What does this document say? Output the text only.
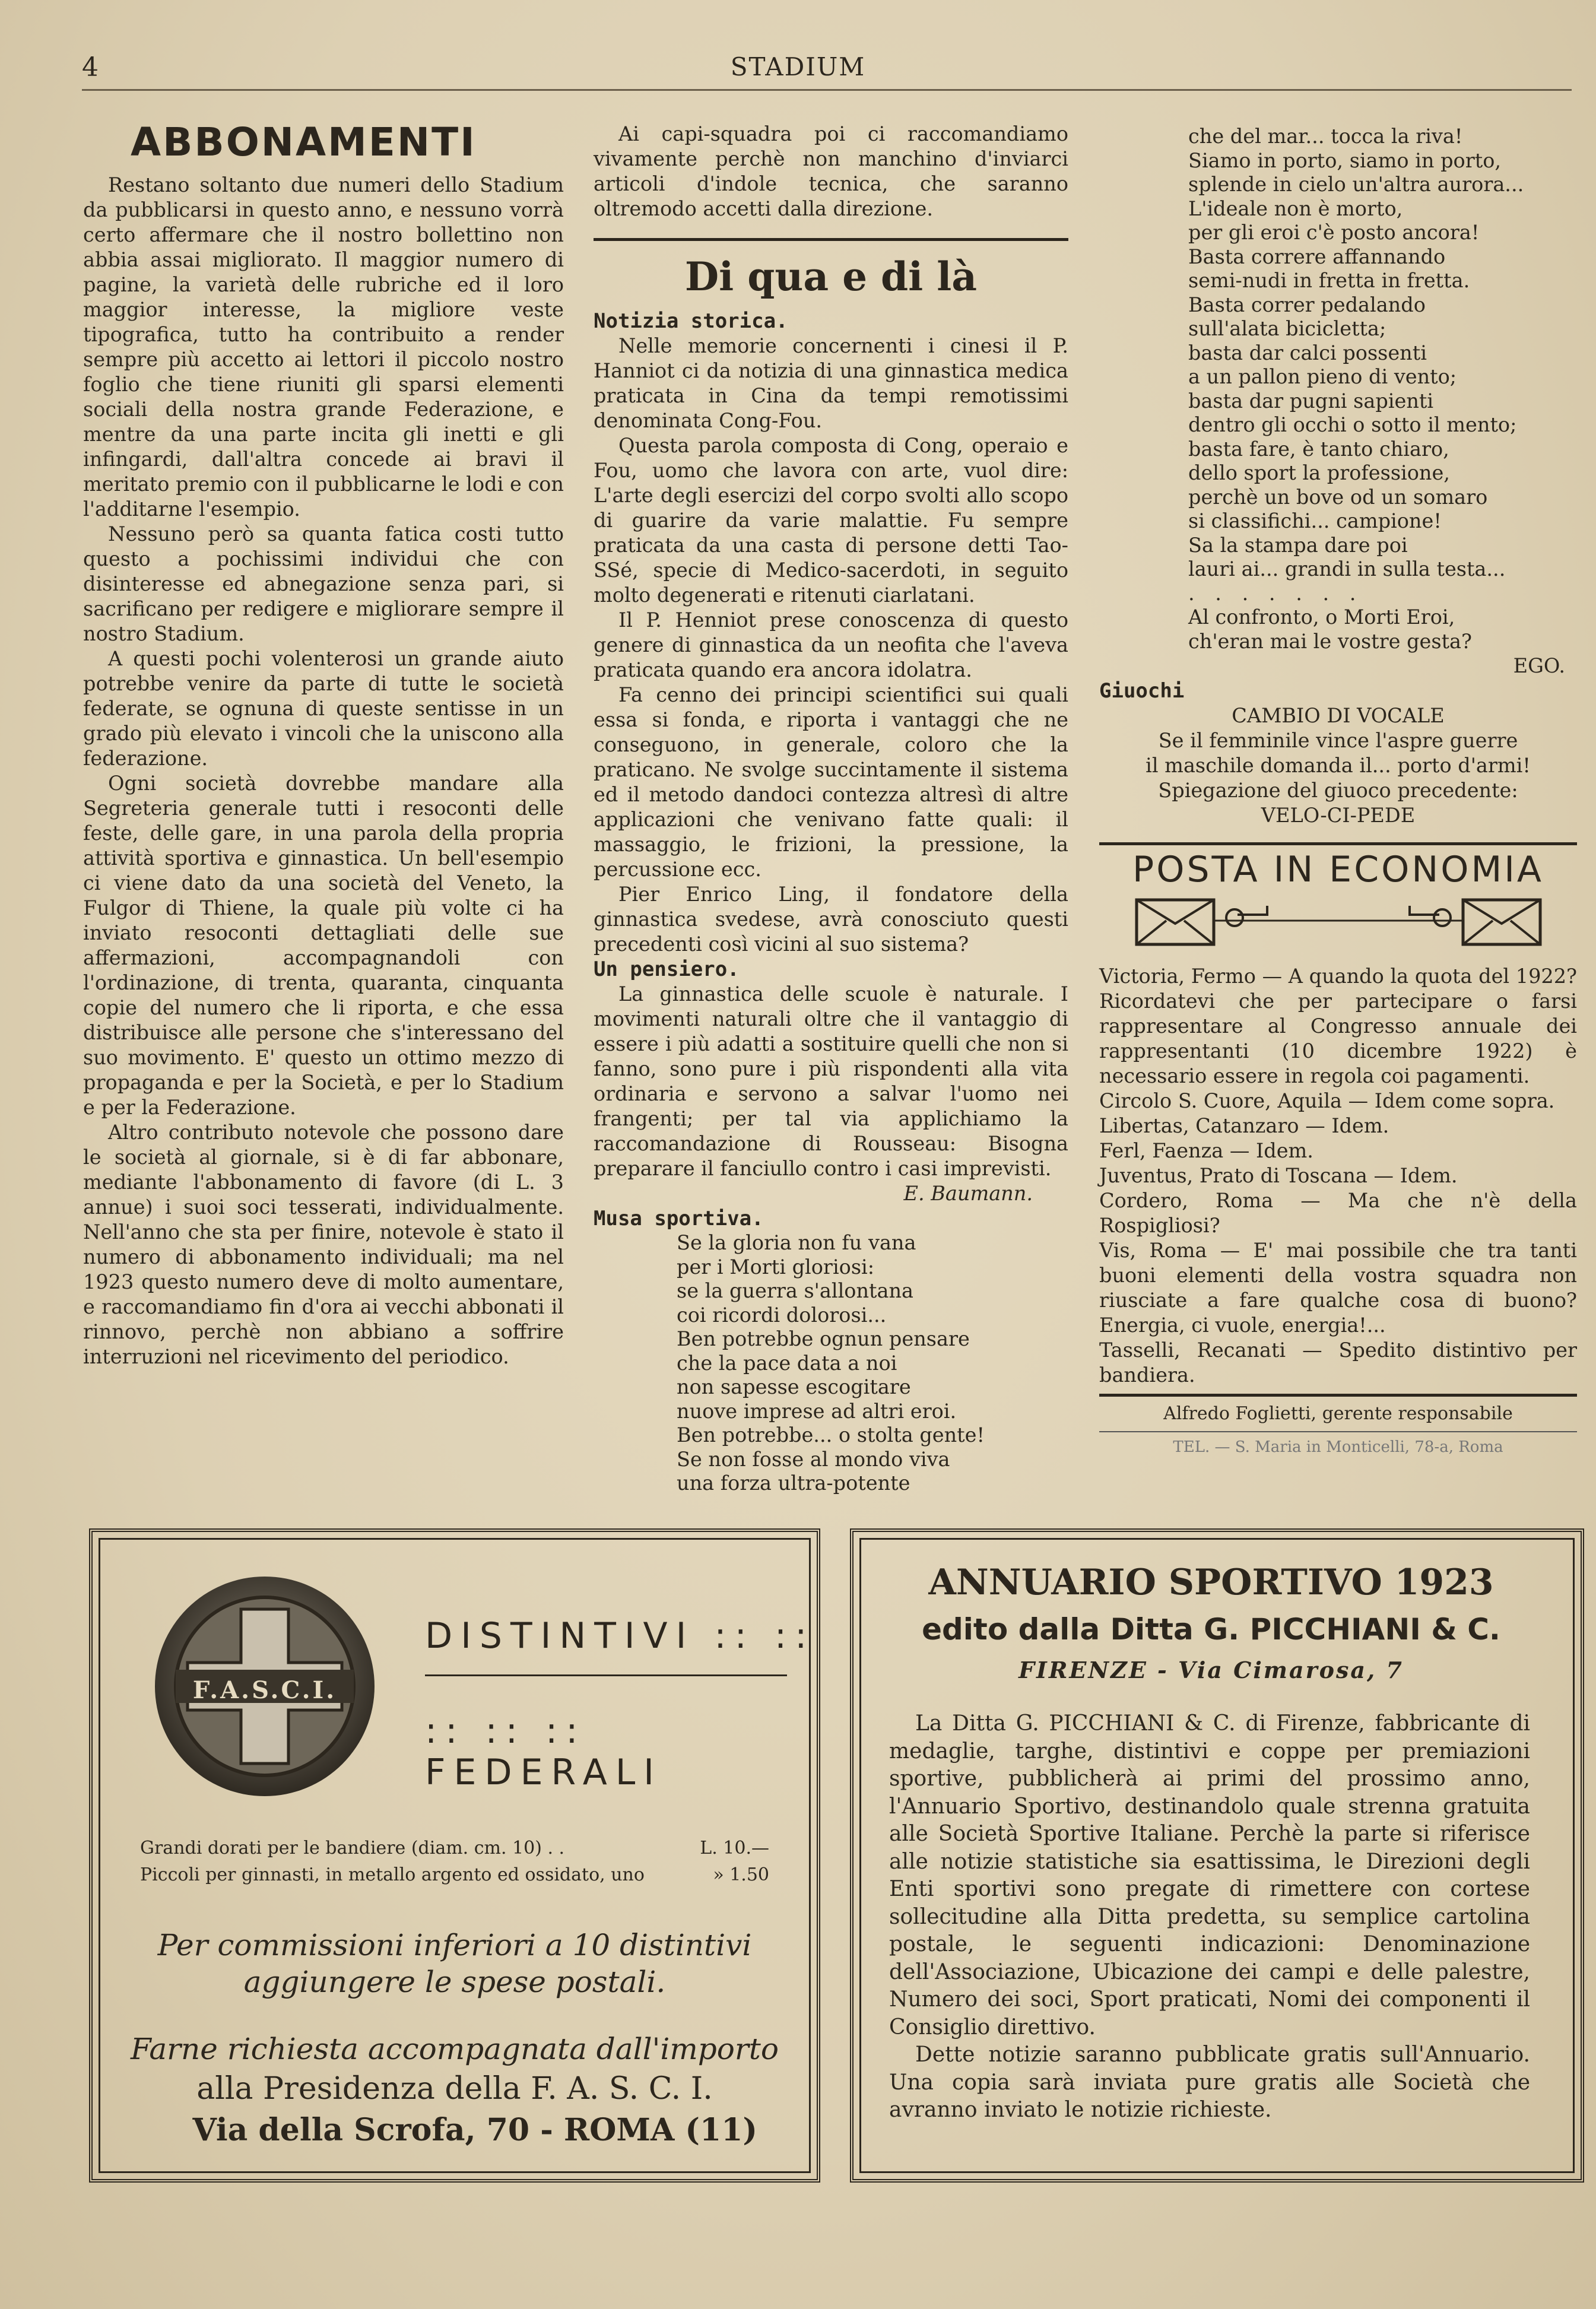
4	STADIUM
ABBONAMENTI

Restano soltanto due numeri dello Stadium da pubblicarsi in questo anno, e nessuno vorrà certo affermare che il nostro bollettino non abbia assai migliorato. Il maggior numero di pagine, la varietà delle rubriche ed il loro maggior interesse, la migliore veste tipografica, tutto ha contribuito a render sempre più accetto ai lettori il piccolo nostro foglio che tiene riuniti gli sparsi elementi sociali della nostra grande Federazione, e mentre da una parte incita gli inetti e gli infingardi, dall'altra concede ai bravi il meritato premio con il pubblicarne le lodi e con l'additarne l'esempio.

Nessuno però sa quanta fatica costi tutto questo a pochissimi individui che con disinteresse ed abnegazione senza pari, si sacrificano per redigere e migliorare sempre il nostro Stadium.

A questi pochi volenterosi un grande aiuto potrebbe venire da parte di tutte le società federate, se ognuna di queste sentisse in un grado più elevato i vincoli che la uniscono alla federazione.

Ogni società dovrebbe mandare alla Segreteria generale tutti i resoconti delle feste, delle gare, in una parola della propria attività sportiva e ginnastica. Un bell'esempio ci viene dato da una società del Veneto, la Fulgor di Thiene, la quale più volte ci ha inviato resoconti dettagliati delle sue affermazioni, accompagnandoli con l'ordinazione, di trenta, quaranta, cinquanta copie del numero che li riporta, e che essa distribuisce alle persone che s'interessano del suo movimento. E' questo un ottimo mezzo di propaganda e per la Società, e per lo Stadium e per la Federazione.

Altro contributo notevole che possono dare le società al giornale, si è di far abbonare, mediante l'abbonamento di favore (di L. 3 annue) i suoi soci tesserati, individualmente. Nell'anno che sta per finire, notevole è stato il numero di abbonamento individuali; ma nel 1923 questo numero deve di molto aumentare, e raccomandiamo fin d'ora ai vecchi abbonati il rinnovo, perchè non abbiano a soffrire interruzioni nel ricevimento del periodico.

Ai capi-squadra poi ci raccomandiamo vivamente perchè non manchino d'inviarci articoli d'indole tecnica, che saranno oltremodo accetti dalla direzione.

Di qua e di là

Notizia storica.

Nelle memorie concernenti i cinesi il P. Hanniot ci da notizia di una ginnastica medica praticata in Cina da tempi remotissimi denominata Cong-Fou.

Questa parola composta di Cong, operaio e Fou, uomo che lavora con arte, vuol dire: L'arte degli esercizi del corpo svolti allo scopo di guarire da varie malattie. Fu sempre praticata da una casta di persone detti Tao-SSé, specie di Medico-sacerdoti, in seguito molto degenerati e ritenuti ciarlatani.

Il P. Henniot prese conoscenza di questo genere di ginnastica da un neofita che l'aveva praticata quando era ancora idolatra.

Fa cenno dei principi scientifici sui quali essa si fonda, e riporta i vantaggi che ne conseguono, in generale, coloro che la praticano. Ne svolge succintamente il sistema ed il metodo dandoci contezza altresì di altre applicazioni che venivano fatte quali: il massaggio, le frizioni, la pressione, la percussione ecc.

Pier Enrico Ling, il fondatore della ginnastica svedese, avrà conosciuto questi precedenti così vicini al suo sistema?

Un pensiero.

La ginnastica delle scuole è naturale. I movimenti naturali oltre che il vantaggio di essere i più adatti a sostituire quelli che non si fanno, sono pure i più rispondenti alla vita ordinaria e servono a salvar l'uomo nei frangenti; per tal via applichiamo la raccomandazione di Rousseau: Bisogna preparare il fanciullo contro i casi imprevisti.

E. Baumann.

Musa sportiva.

Se la gloria non fu vana
per i Morti gloriosi:
se la guerra s'allontana
coi ricordi dolorosi...
Ben potrebbe ognun pensare
che la pace data a noi
non sapesse escogitare
nuove imprese ad altri eroi.
Ben potrebbe... o stolta gente!
Se non fosse al mondo viva
una forza ultra-potente
che del mar... tocca la riva!
Siamo in porto, siamo in porto,
splende in cielo un'altra aurora...
L'ideale non è morto,
per gli eroi c'è posto ancora!
Basta correre affannando
semi-nudi in fretta in fretta.
Basta correr pedalando
sull'alata bicicletta;
basta dar calci possenti
a un pallon pieno di vento;
basta dar pugni sapienti
dentro gli occhi o sotto il mento;
basta fare, è tanto chiaro,
dello sport la professione,
perchè un bove od un somaro
si classifichi... campione!
Sa la stampa dare poi
lauri ai... grandi in sulla testa...
. . . . . . .
Al confronto, o Morti Eroi,
ch'eran mai le vostre gesta?
EGO.

Giuochi

CAMBIO DI VOCALE
Se il femminile vince l'aspre guerre
il maschile domanda il... porto d'armi!
Spiegazione del giuoco precedente:
VELO-CI-PEDE
POSTA IN ECONOMIA

Victoria, Fermo — A quando la quota del 1922? Ricordatevi che per partecipare o farsi rappresentare al Congresso annuale dei rappresentanti (10 dicembre 1922) è necessario essere in regola coi pagamenti.

Circolo S. Cuore, Aquila — Idem come sopra.

Libertas, Catanzaro — Idem.

Ferl, Faenza — Idem.

Juventus, Prato di Toscana — Idem.

Cordero, Roma — Ma che n'è della Rospigliosi?

Vis, Roma — E' mai possibile che tra tanti buoni elementi della vostra squadra non riusciate a fare qualche cosa di buono? Energia, ci vuole, energia!...

Tasselli, Recanati — Spedito distintivo per bandiera.

Alfredo Foglietti, gerente responsabile
TEL. — S. Maria in Monticelli, 78-a, Roma
F.A.S.C.I.
DISTINTIVI :: ::
:: :: :: FEDERALI
Grandi dorati per le bandiere (diam. cm. 10) . .	L. 10.—
Piccoli per ginnasti, in metallo argento ed ossidato, uno	» 1.50
Per commissioni inferiori a 10 distintivi
aggiungere le spese postali.
Farne richiesta accompagnata dall'importo
alla Presidenza della F. A. S. C. I.
Via della Scrofa, 70 - ROMA (11)
ANNUARIO SPORTIVO 1923
edito dalla Ditta G. PICCHIANI & C.
FIRENZE - Via Cimarosa, 7

La Ditta G. PICCHIANI & C. di Firenze, fabbricante di medaglie, targhe, distintivi e coppe per premiazioni sportive, pubblicherà ai primi del prossimo anno, l'Annuario Sportivo, destinandolo quale strenna gratuita alle Società Sportive Italiane. Perchè la parte si riferisce alle notizie statistiche sia esattissima, le Direzioni degli Enti sportivi sono pregate di rimettere con cortese sollecitudine alla Ditta predetta, su semplice cartolina postale, le seguenti indicazioni: Denominazione dell'Associazione, Ubicazione dei campi e delle palestre, Numero dei soci, Sport praticati, Nomi dei componenti il Consiglio direttivo.

Dette notizie saranno pubblicate gratis sull'Annuario. Una copia sarà inviata pure gratis alle Società che avranno inviato le notizie richieste.
